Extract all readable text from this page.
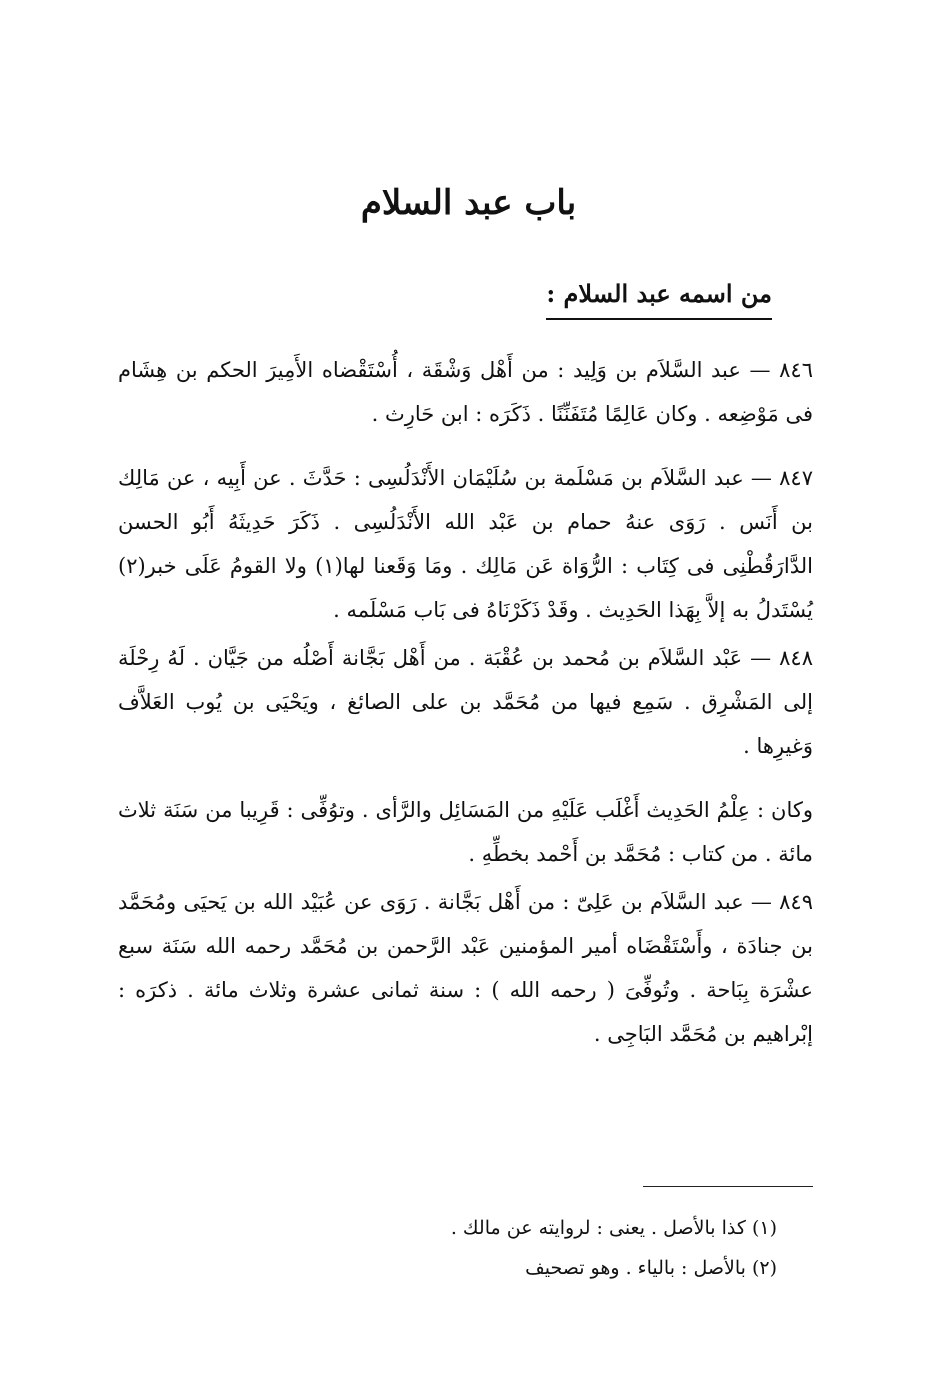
باب عبد السلام
من اسمه عبد السلام :

٨٤٦ — عبد السَّلاَم بن وَلِيد : من أَهْل وَشْقَة ، أُسْتَقْضاه الأَمِيرَ الحكم بن هِشَام فى مَوْضِعه . وكان عَالِمًا مُتَفَنِّنًا . ذَكَرَه : ابن حَارِث .

٨٤٧ — عبد السَّلاَم بن مَسْلَمة بن سُلَيْمَان الأَنْدَلُسِى : حَدَّثَ . عن أَبِيه ، عن مَالِك بن أَنَس . رَوَى عنهُ حمام بن عَبْد الله الأَنْدَلُسِى . ذَكَرَ حَدِيثَهُ أَبُو الحسن الدَّارَقُطْنِى فى كِتَاب : الرُّوَاة عَن مَالِك . ومَا وَقَعنا لها(١) ولا القومُ عَلَى خبر(٢) يُسْتَدلُ به إلاَّ بِهَذا الحَدِيث . وقَدْ ذَكَرْنَاهُ فى بَاب مَسْلَمه .

٨٤٨ — عَبْد السَّلاَم بن مُحمد بن عُقْبَة . من أَهْل بَجَّانة أَصْلُه من جَيَّان . لَهُ رِحْلَة إلى المَشْرِق . سَمِع فيها من مُحَمَّد بن على الصائغ ، ويَحْيَى بن يُوب العَلاَّف وَغيرِها .

وكان : عِلْمُ الحَدِيث أَغْلَب عَلَيْهِ من المَسَائِل والرَّأى . وتوُفِّى : قَرِيبا من سَنَة ثلاث مائة . من كتاب : مُحَمَّد بن أَحْمد بخطِّهِ .

٨٤٩ — عبد السَّلاَم بن عَلِىّ : من أَهْل بَجَّانة . رَوَى عن عُبَيْد الله بن يَحيَى ومُحَمَّد بن جنادَة ، وأَسْتَقْضَاه أمير المؤمنين عَبْد الرَّحمن بن مُحَمَّد رحمه الله سَنَة سبع عشْرَة بِبَاحة . وتُوفِّىَ ( رحمه الله ) : سنة ثمانى عشرة وثلاث مائة . ذكرَه : إبْراهيم بن مُحَمَّد البَاجِى .

(١) كذا بالأصل . يعنى : لروايته عن مالك .

(٢) بالأصل : بالياء . وهو تصحيف
